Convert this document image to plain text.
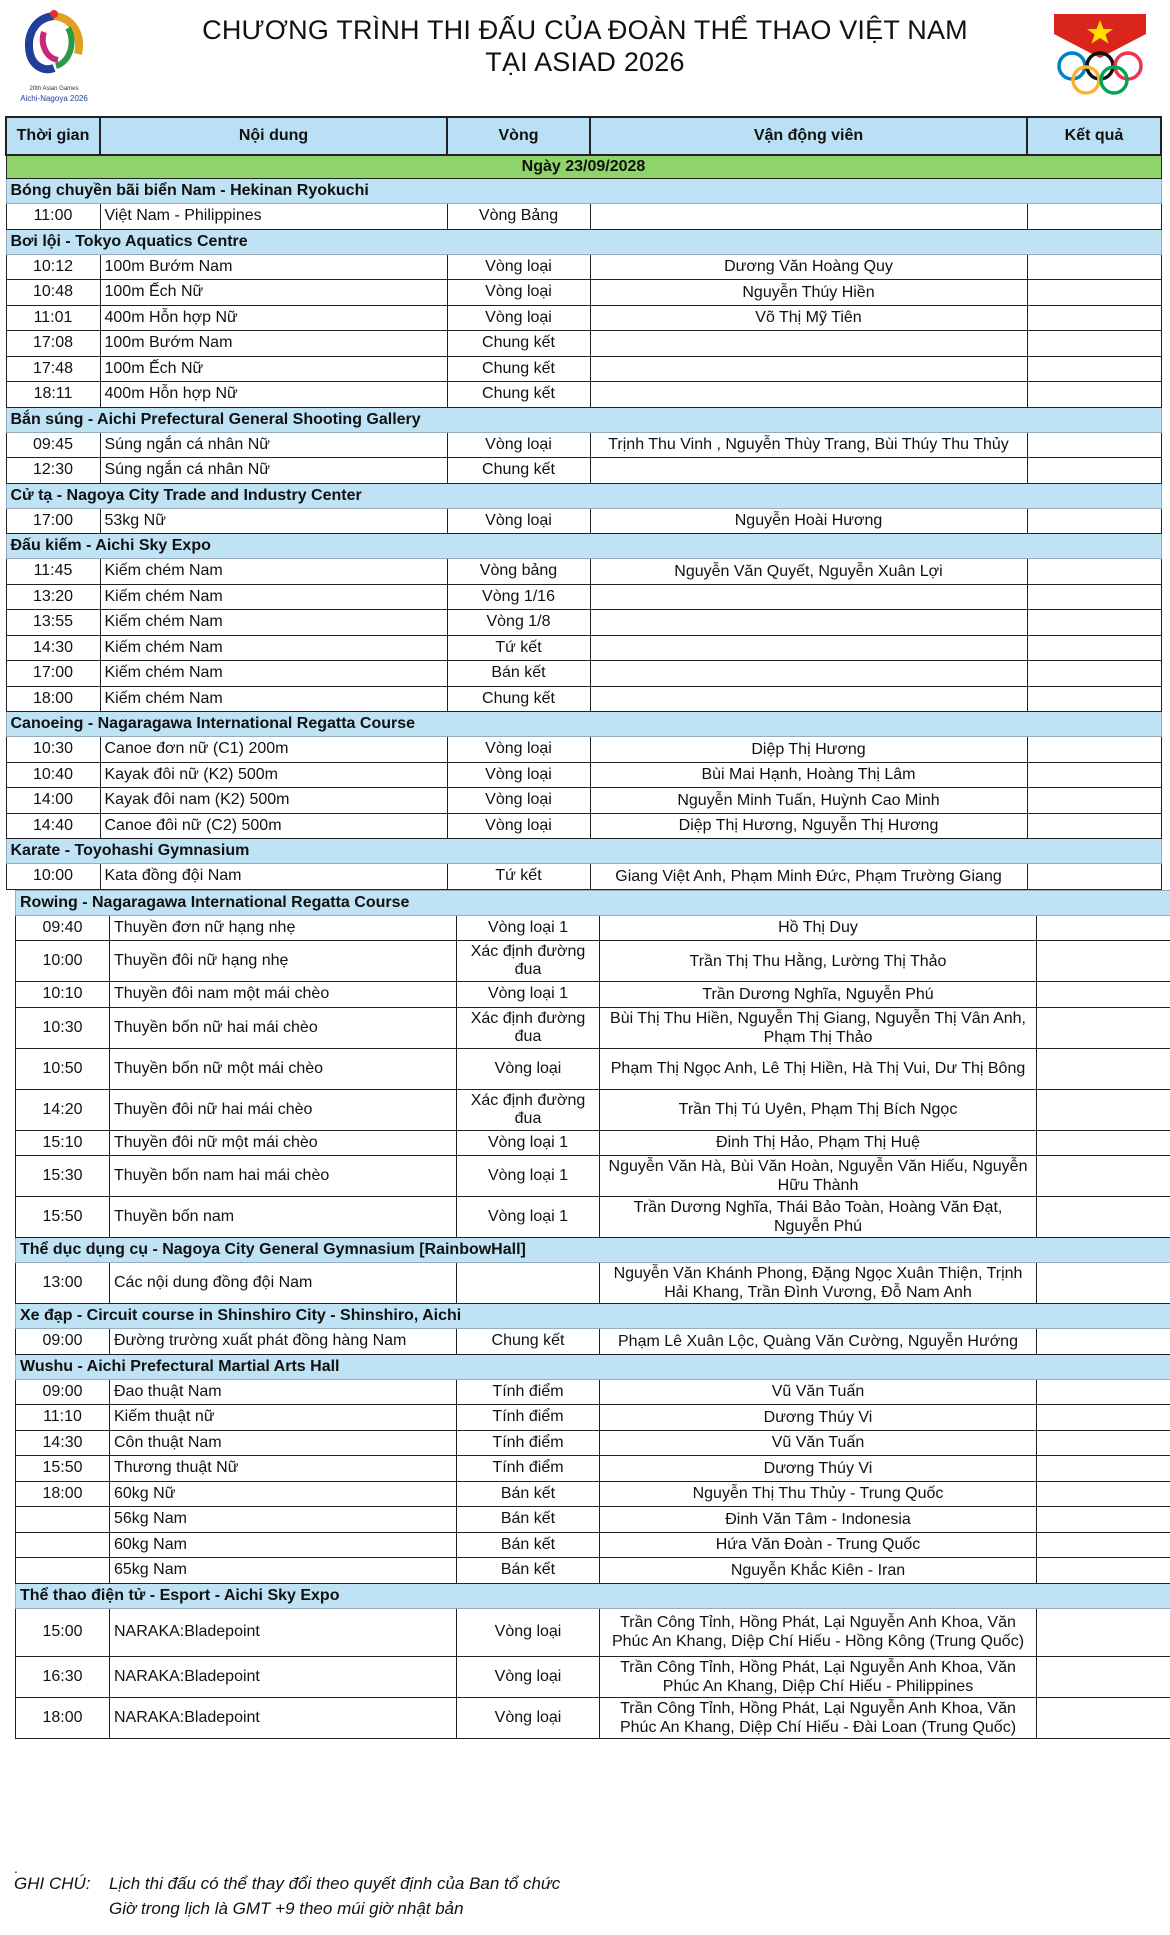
20th Asian Games
Aichi-Nagoya 2026
CHƯƠNG TRÌNH THI ĐẤU CỦA ĐOÀN THỂ THAO VIỆT NAM
TẠI ASIAD 2026
Thời gian	Nội dung	Vòng	Vận động viên	Kết quả
Ngày 23/09/2028				
Bóng chuyền bãi biển Nam - Hekinan Ryokuchi				
11:00	Việt Nam - Philippines	Vòng Bảng		
Bơi lội - Tokyo Aquatics Centre				
10:12	100m Bướm Nam	Vòng loại	Dương Văn Hoàng Quy	
10:48	100m Ếch Nữ	Vòng loại	Nguyễn Thúy Hiền	
11:01	400m Hỗn hợp Nữ	Vòng loại	Võ Thị Mỹ Tiên	
17:08	100m Bướm Nam	Chung kết		
17:48	100m Ếch Nữ	Chung kết		
18:11	400m Hỗn hợp Nữ	Chung kết		
Bắn súng - Aichi Prefectural General Shooting Gallery				
09:45	Súng ngắn cá nhân Nữ	Vòng loại	Trịnh Thu Vinh , Nguyễn Thùy Trang, Bùi Thúy Thu Thủy	
12:30	Súng ngắn cá nhân Nữ	Chung kết		
Cử tạ - Nagoya City Trade and Industry Center				
17:00	53kg Nữ	Vòng loại	Nguyễn Hoài Hương	
Đấu kiếm - Aichi Sky Expo				
11:45	Kiếm chém Nam	Vòng bảng	Nguyễn Văn Quyết, Nguyễn Xuân Lợi	
13:20	Kiếm chém Nam	Vòng 1/16		
13:55	Kiếm chém Nam	Vòng 1/8		
14:30	Kiếm chém Nam	Tứ kết		
17:00	Kiếm chém Nam	Bán kết		
18:00	Kiếm chém Nam	Chung kết		
Canoeing - Nagaragawa International Regatta Course				
10:30	Canoe đơn nữ (C1) 200m	Vòng loại	Diệp Thị Hương	
10:40	Kayak đôi nữ (K2) 500m	Vòng loại	Bùi Mai Hạnh, Hoàng Thị Lâm	
14:00	Kayak đôi nam (K2) 500m	Vòng loại	Nguyễn Minh Tuấn, Huỳnh Cao Minh	
14:40	Canoe đôi nữ (C2) 500m	Vòng loại	Diệp Thị Hương, Nguyễn Thị Hương	
Karate - Toyohashi Gymnasium				
10:00	Kata đồng đội Nam	Tứ kết	Giang Việt Anh, Phạm Minh Đức, Phạm Trường Giang	
Rowing - Nagaragawa International Regatta Course				
09:40	Thuyền đơn nữ hạng nhẹ	Vòng loại 1	Hồ Thị Duy	
10:00	Thuyền đôi nữ hạng nhẹ	Xác định đường đua	Trần Thị Thu Hằng, Lường Thị Thảo	
10:10	Thuyền đôi nam một mái chèo	Vòng loại 1	Trần Dương Nghĩa, Nguyễn Phú	
10:30	Thuyền bốn nữ hai mái chèo	Xác định đường đua	Bùi Thị Thu Hiền, Nguyễn Thị Giang, Nguyễn Thị Vân Anh, Phạm Thị Thảo	
10:50	Thuyền bốn nữ một mái chèo	Vòng loại	Phạm Thị Ngọc Anh, Lê Thị Hiền, Hà Thị Vui, Dư Thị Bông	
14:20	Thuyền đôi nữ hai mái chèo	Xác định đường đua	Trần Thị Tú Uyên, Phạm Thị Bích Ngọc	
15:10	Thuyền đôi nữ một mái chèo	Vòng loại 1	Đinh Thị Hảo, Phạm Thị Huệ	
15:30	Thuyền bốn nam hai mái chèo	Vòng loại 1	Nguyễn Văn Hà, Bùi Văn Hoàn, Nguyễn Văn Hiếu, Nguyễn Hữu Thành	
15:50	Thuyền bốn nam	Vòng loại 1	Trần Dương Nghĩa, Thái Bảo Toàn, Hoàng Văn Đạt, Nguyễn Phú	
Thể dục dụng cụ - Nagoya City General Gymnasium [RainbowHall]				
13:00	Các nội dung đồng đội Nam		Nguyễn Văn Khánh Phong, Đặng Ngọc Xuân Thiện, Trịnh Hải Khang, Trần Đình Vương, Đỗ Nam Anh	
Xe đạp - Circuit course in Shinshiro City - Shinshiro, Aichi				
09:00	Đường trường xuất phát đồng hàng Nam	Chung kết	Phạm Lê Xuân Lộc, Quàng Văn Cường, Nguyễn Hướng	
Wushu - Aichi Prefectural Martial Arts Hall				
09:00	Đao thuật Nam	Tính điểm	Vũ Văn Tuấn	
11:10	Kiếm thuật nữ	Tính điểm	Dương Thúy Vi	
14:30	Côn thuật Nam	Tính điểm	Vũ Văn Tuấn	
15:50	Thương thuật Nữ	Tính điểm	Dương Thúy Vi	
18:00	60kg Nữ	Bán kết	Nguyễn Thị Thu Thủy - Trung Quốc	
	56kg Nam	Bán kết	Đinh Văn Tâm - Indonesia	
	60kg Nam	Bán kết	Hứa Văn Đoàn - Trung Quốc	
	65kg Nam	Bán kết	Nguyễn Khắc Kiên - Iran	
Thể thao điện tử - Esport - Aichi Sky Expo				
15:00	NARAKA:Bladepoint	Vòng loại	Trần Công Tỉnh, Hồng Phát, Lại Nguyễn Anh Khoa, Văn Phúc An Khang, Diệp Chí Hiếu - Hồng Kông (Trung Quốc)	
16:30	NARAKA:Bladepoint	Vòng loại	Trần Công Tỉnh, Hồng Phát, Lại Nguyễn Anh Khoa, Văn Phúc An Khang, Diệp Chí Hiếu - Philippines	
18:00	NARAKA:Bladepoint	Vòng loại	Trần Công Tỉnh, Hồng Phát, Lại Nguyễn Anh Khoa, Văn Phúc An Khang, Diệp Chí Hiếu - Đài Loan (Trung Quốc)	
.
GHI CHÚ: Lịch thi đấu có thể thay đổi theo quyết định của Ban tổ chức
Giờ trong lịch là GMT +9 theo múi giờ nhật bản
